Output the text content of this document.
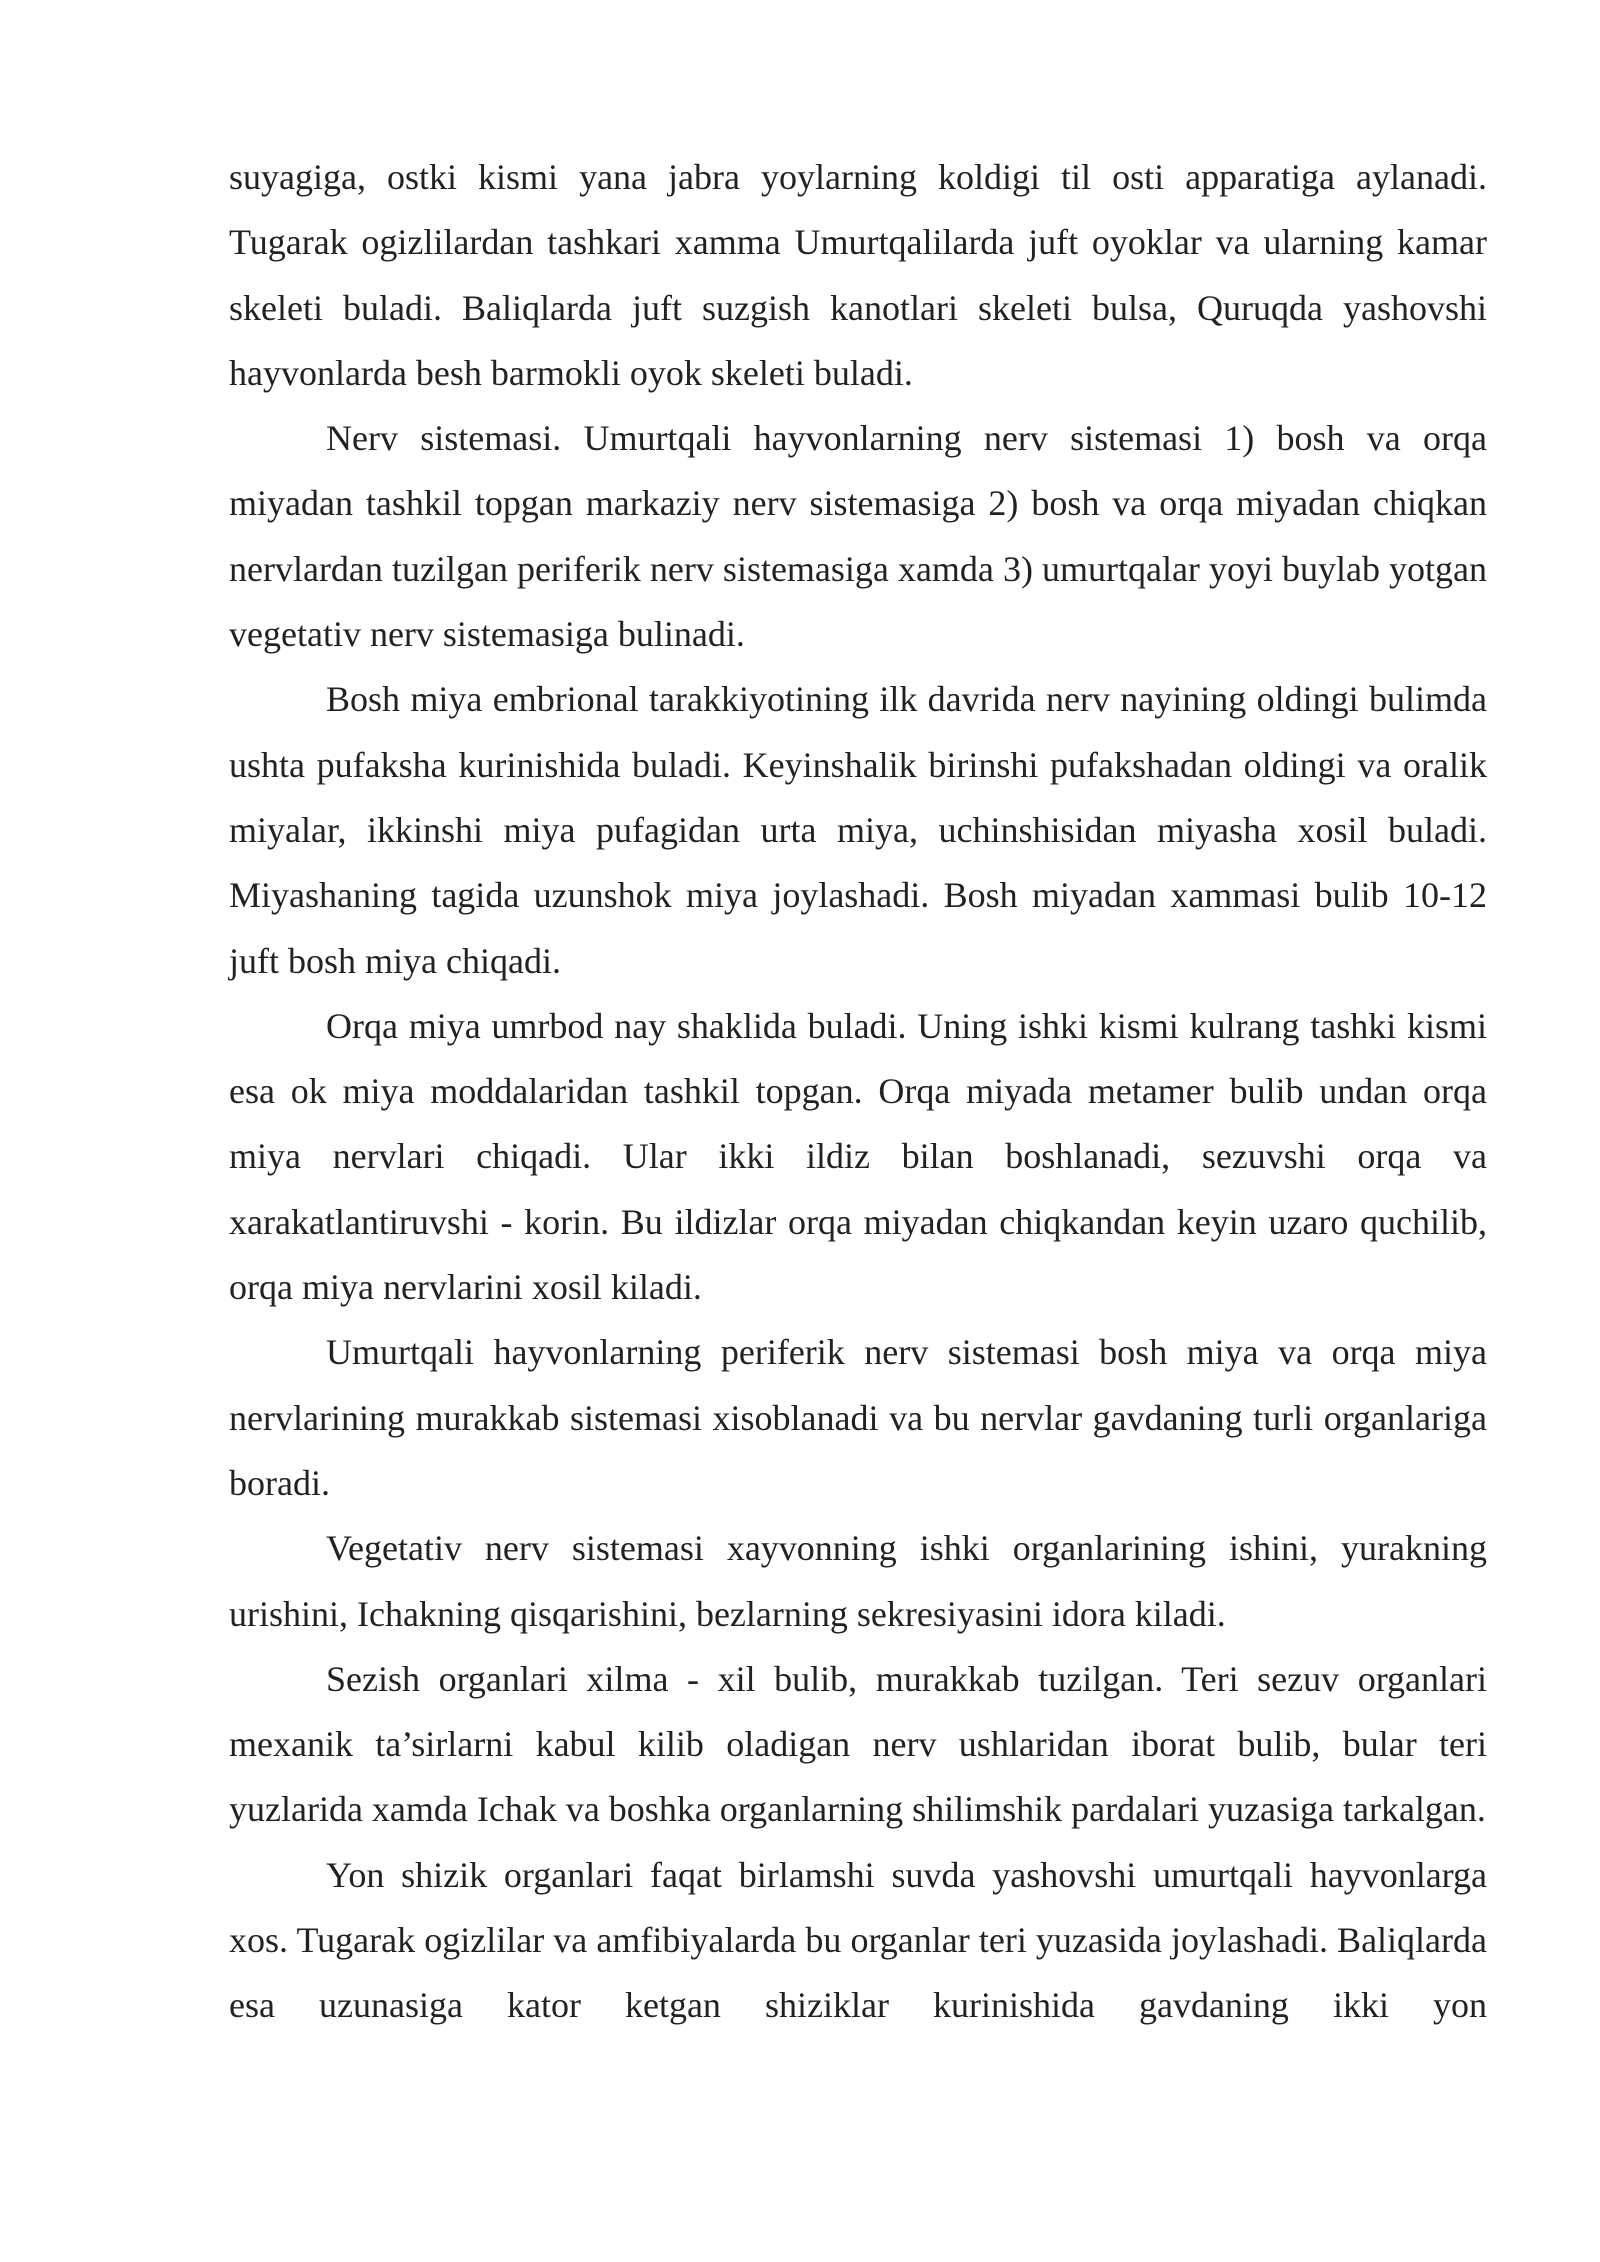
suyagiga, ostki kismi yana jabra yoylarning koldigi til osti apparatiga aylanadi. Tugarak ogizlilardan tashkari xamma Umurtqalilarda juft oyoklar va ularning kamar skeleti buladi. Baliqlarda juft suzgish kanotlari skeleti bulsa, Quruqda yashovshi hayvonlarda besh barmokli oyok skeleti buladi.

Nerv sistemasi. Umurtqali hayvonlarning nerv sistemasi 1) bosh va orqa miyadan tashkil topgan markaziy nerv sistemasiga 2) bosh va orqa miyadan chiqkan nervlardan tuzilgan periferik nerv sistemasiga xamda 3) umurtqalar yoyi buylab yotgan vegetativ nerv sistemasiga bulinadi.

Bosh miya embrional tarakkiyotining ilk davrida nerv nayining oldingi bulimda ushta pufaksha kurinishida buladi. Keyinshalik birinshi pufakshadan oldingi va oralik miyalar, ikkinshi miya pufagidan urta miya, uchinshisidan miyasha xosil buladi. Miyashaning tagida uzunshok miya joylashadi. Bosh miyadan xammasi bulib 10-12 juft bosh miya chiqadi.

Orqa miya umrbod nay shaklida buladi. Uning ishki kismi kulrang tashki kismi esa ok miya moddalaridan tashkil topgan. Orqa miyada metamer bulib undan orqa miya nervlari chiqadi. Ular ikki ildiz bilan boshlanadi, sezuvshi orqa va xarakatlantiruvshi - korin. Bu ildizlar orqa miyadan chiqkandan keyin uzaro quchilib, orqa miya nervlarini xosil kiladi.

Umurtqali hayvonlarning periferik nerv sistemasi bosh miya va orqa miya nervlarining murakkab sistemasi xisoblanadi va bu nervlar gavdaning turli organlariga boradi.

Vegetativ nerv sistemasi xayvonning ishki organlarining ishini, yurakning urishini, Ichakning qisqarishini, bezlarning sekresiyasini idora kiladi.

Sezish organlari xilma - xil bulib, murakkab tuzilgan. Teri sezuv organlari mexanik ta’sirlarni kabul kilib oladigan nerv ushlaridan iborat bulib, bular teri yuzlarida xamda Ichak va boshka organlarning shilimshik pardalari yuzasiga tarkalgan.

Yon shizik organlari faqat birlamshi suvda yashovshi umurtqali hayvonlarga xos. Tugarak ogizlilar va amfibiyalarda bu organlar teri yuzasida joylashadi. Baliqlarda esa uzunasiga kator ketgan shiziklar kurinishida gavdaning ikki yon
